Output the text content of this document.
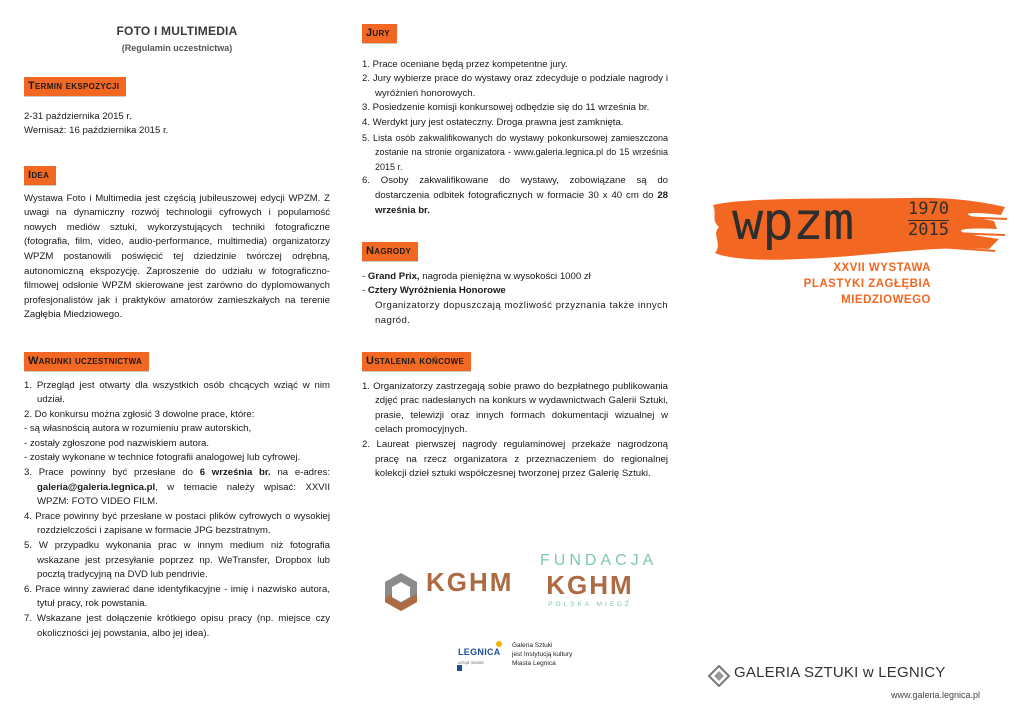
FOTO I MULTIMEDIA
(Regulamin uczestnictwa)
Termin ekspozycji

2-31 października 2015 r.

Wernisaż: 16 października 2015 r.

Idea

Wystawa Foto i Multimedia jest częścią jubileuszowej edycji WPZM. Z uwagi na dynamiczny rozwój technologii cyfrowych i popularność nowych mediów sztuki, wykorzystujących techniki fotograficzne (fotografia, film, video, audio-performance, multimedia) organizatorzy WPZM postanowili poświęcić tej dziedzinie twórczej odrębną, autonomiczną ekspozycję. Zaproszenie do udziału w fotograficzno-filmowej odsłonie WPZM skierowane jest zarówno do dyplomowanych profesjonalistów jak i praktyków amatorów zamieszkałych na terenie Zagłębia Miedziowego.

Warunki uczestnictwa
1. Przegląd jest otwarty dla wszystkich osób chcących wziąć w nim udział.
2. Do konkursu można zgłosić 3 dowolne prace, które:
- są własnością autora w rozumieniu praw autorskich,
- zostały zgłoszone pod nazwiskiem autora.
- zostały wykonane w technice fotografii analogowej lub cyfrowej.
3. Prace powinny być przesłane do 6 września br. na e-adres: galeria@galeria.legnica.pl, w temacie należy wpisać: XXVII WPZM: FOTO VIDEO FILM.
4. Prace powinny być przesłane w postaci plików cyfrowych o wysokiej rozdzielczości i zapisane w formacie JPG bezstratnym.
5. W przypadku wykonania prac w innym medium niż fotografia wskazane jest przesyłanie poprzez np. WeTransfer, Dropbox lub pocztą tradycyjną na DVD lub pendrivie.
6. Prace winny zawierać dane identyfikacyjne - imię i nazwisko autora, tytuł pracy, rok powstania.
7. Wskazane jest dołączenie krótkiego opisu pracy (np. miejsce czy okoliczności jej powstania, albo jej idea).
Jury
1. Prace oceniane będą przez kompetentne jury.
2. Jury wybierze prace do wystawy oraz zdecyduje o podziale nagrody i wyróżnień honorowych.
3. Posiedzenie komisji konkursowej odbędzie się do 11 września br.
4. Werdykt jury jest ostateczny. Droga prawna jest zamknięta.
5. Lista osób zakwalifikowanych do wystawy pokonkursowej zamieszczona zostanie na stronie organizatora - www.galeria.legnica.pl do 15 września 2015 r.
6. Osoby zakwalifikowane do wystawy, zobowiązane są do dostarczenia odbitek fotograficznych w formacie 30 x 40 cm do 28 września br.
Nagrody

- Grand Prix, nagroda pieniężna w wysokości 1000 zł

- Cztery Wyróżnienia Honorowe

Organizatorzy dopuszczają możliwość przyznania także innych nagród.

Ustalenia końcowe
1. Organizatorzy zastrzegają sobie prawo do bezpłatnego publikowania zdjęć prac nadesłanych na konkurs w wydawnictwach Galerii Sztuki, prasie, telewizji oraz innych formach dokumentacji wizualnej w celach promocyjnych.
2. Laureat pierwszej nagrody regulaminowej przekaże nagrodzoną pracę na rzecz organizatora z przeznaczeniem do regionalnej kolekcji dzieł sztuki współczesnej tworzonej przez Galerię Sztuki.
KGHM
FUNDACJA
KGHM
POLSKA MIEDŹ
LEGNICA
urząd miasta
Galeria Sztuki
jest Instytucją kultury
Miasta Legnica
wpzm	1970
2015
XXVII WYSTAWA
PLASTYKI ZAGŁĘBIA
MIEDZIOWEGO
GALERIA SZTUKI w LEGNICY
www.galeria.legnica.pl
